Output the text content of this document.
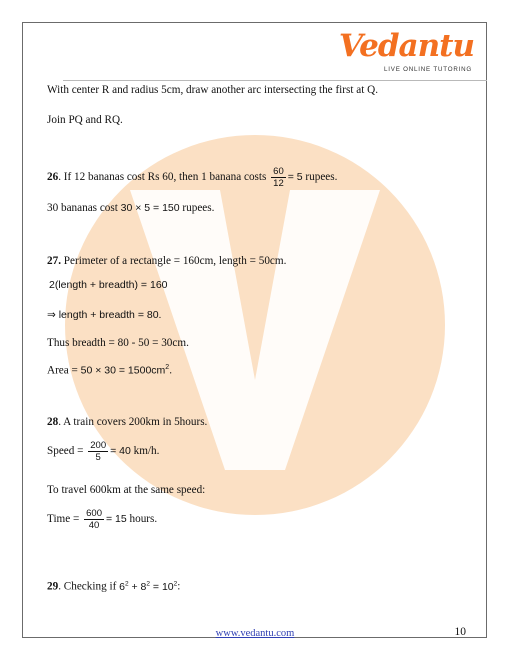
Vedantu
LIVE ONLINE TUTORING
With center R and radius 5cm, draw another arc intersecting the first at Q.
Join PQ and RQ.
26. If 12 bananas cost Rs 60, then 1 banana costs $\frac{60}{12} = 5$ rupees.
30 bananas cost 30 × 5 = 150 rupees.
27. Perimeter of a rectangle = 160cm, length = 50cm.
2(length + breadth) = 160
⇒ length + breadth = 80.
Thus breadth = 80 - 50 = 30cm.
Area = $50 \times 30 = 1500cm^2$.
28. A train covers 200km in 5hours.
Speed = $\frac{200}{5} = 40$ km/h.
To travel 600km at the same speed:
Time = $\frac{600}{40} = 15$ hours.
29. Checking if $6^2 + 8^2 = 10^2$:
www.vedantu.com	10
